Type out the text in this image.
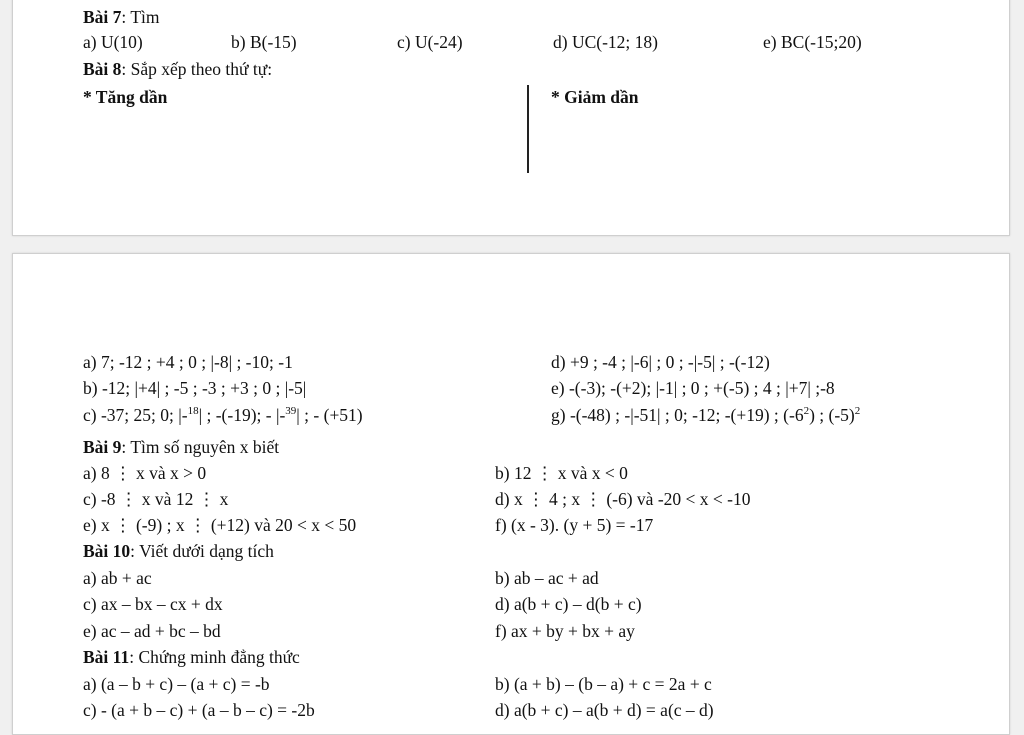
Bài 7: Tìm
a) U(10)	b) B(-15)	c) U(-24)	d) UC(-12; 18)	e) BC(-15;20)
Bài 8: Sắp xếp theo thứ tự:
* Tăng dần	* Giảm dần
a) 7; -12 ; +4 ; 0 ; |-8| ; -10; -1
b) -12; |+4| ; -5 ; -3 ; +3 ; 0 ; |-5|
c) -37; 25; 0; |-$^{18}$| ; -(-19); - |-$^{39}$| ; - (+51)
d) +9 ; -4 ; |-6| ; 0 ; -|-5| ; -(-12)
e) -(-3); -(+2); |-1| ; 0 ; +(-5) ; 4 ; |+7| ;-8
g) -(-48) ; -|-51| ; 0; -12; -(+19) ; $(-6^2)$ ; $(-5)^2$
Bài 9: Tìm số nguyên x biết
a) 8 ⋮ x và x > 0	b) 12 ⋮ x và x < 0
c) -8 ⋮ x và 12 ⋮ x	d) x ⋮ 4 ; x ⋮ (-6) và -20 < x < -10
e) x ⋮ (-9) ; x ⋮ (+12) và 20 < x < 50	f) (x - 3). (y + 5) = -17
Bài 10: Viết dưới dạng tích
a) ab + ac	b) ab – ac + ad
c) ax – bx – cx + dx	d) a(b + c) – d(b + c)
e) ac – ad + bc – bd	f) ax + by + bx + ay
Bài 11: Chứng minh đẳng thức
a) (a – b + c) – (a + c) = -b	b) (a + b) – (b – a) + c = 2a + c
c) - (a + b – c) + (a – b – c) = -2b	d) a(b + c) – a(b + d) = a(c – d)
